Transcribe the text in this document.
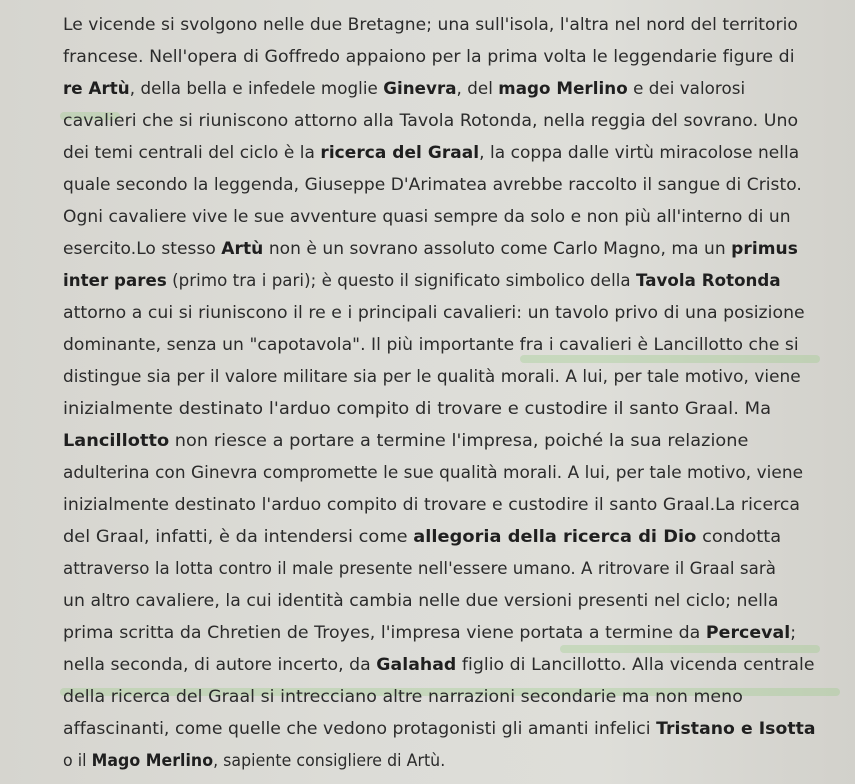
Le vicende si svolgono nelle due Bretagne; una sull'isola, l'altra nel nord del territorio
francese. Nell'opera di Goffredo appaiono per la prima volta le leggendarie figure di
re Artù, della bella e infedele moglie Ginevra, del mago Merlino e dei valorosi
cavalieri che si riuniscono attorno alla Tavola Rotonda, nella reggia del sovrano. Uno
dei temi centrali del ciclo è la ricerca del Graal, la coppa dalle virtù miracolose nella
quale secondo la leggenda, Giuseppe D'Arimatea avrebbe raccolto il sangue di Cristo.
Ogni cavaliere vive le sue avventure quasi sempre da solo e non più all'interno di un
esercito.Lo stesso Artù non è un sovrano assoluto come Carlo Magno, ma un primus
inter pares (primo tra i pari); è questo il significato simbolico della Tavola Rotonda
attorno a cui si riuniscono il re e i principali cavalieri: un tavolo privo di una posizione
dominante, senza un "capotavola". Il più importante fra i cavalieri è Lancillotto che si
distingue sia per il valore militare sia per le qualità morali. A lui, per tale motivo, viene
inizialmente destinato l'arduo compito di trovare e custodire il santo Graal. Ma
Lancillotto non riesce a portare a termine l'impresa, poiché la sua relazione
adulterina con Ginevra compromette le sue qualità morali. A lui, per tale motivo, viene
inizialmente destinato l'arduo compito di trovare e custodire il santo Graal.La ricerca
del Graal, infatti, è da intendersi come allegoria della ricerca di Dio condotta
attraverso la lotta contro il male presente nell'essere umano. A ritrovare il Graal sarà
un altro cavaliere, la cui identità cambia nelle due versioni presenti nel ciclo; nella
prima scritta da Chretien de Troyes, l'impresa viene portata a termine da Perceval;
nella seconda, di autore incerto, da Galahad figlio di Lancillotto. Alla vicenda centrale
della ricerca del Graal si intrecciano altre narrazioni secondarie ma non meno
affascinanti, come quelle che vedono protagonisti gli amanti infelici Tristano e Isotta
o il Mago Merlino, sapiente consigliere di Artù.
